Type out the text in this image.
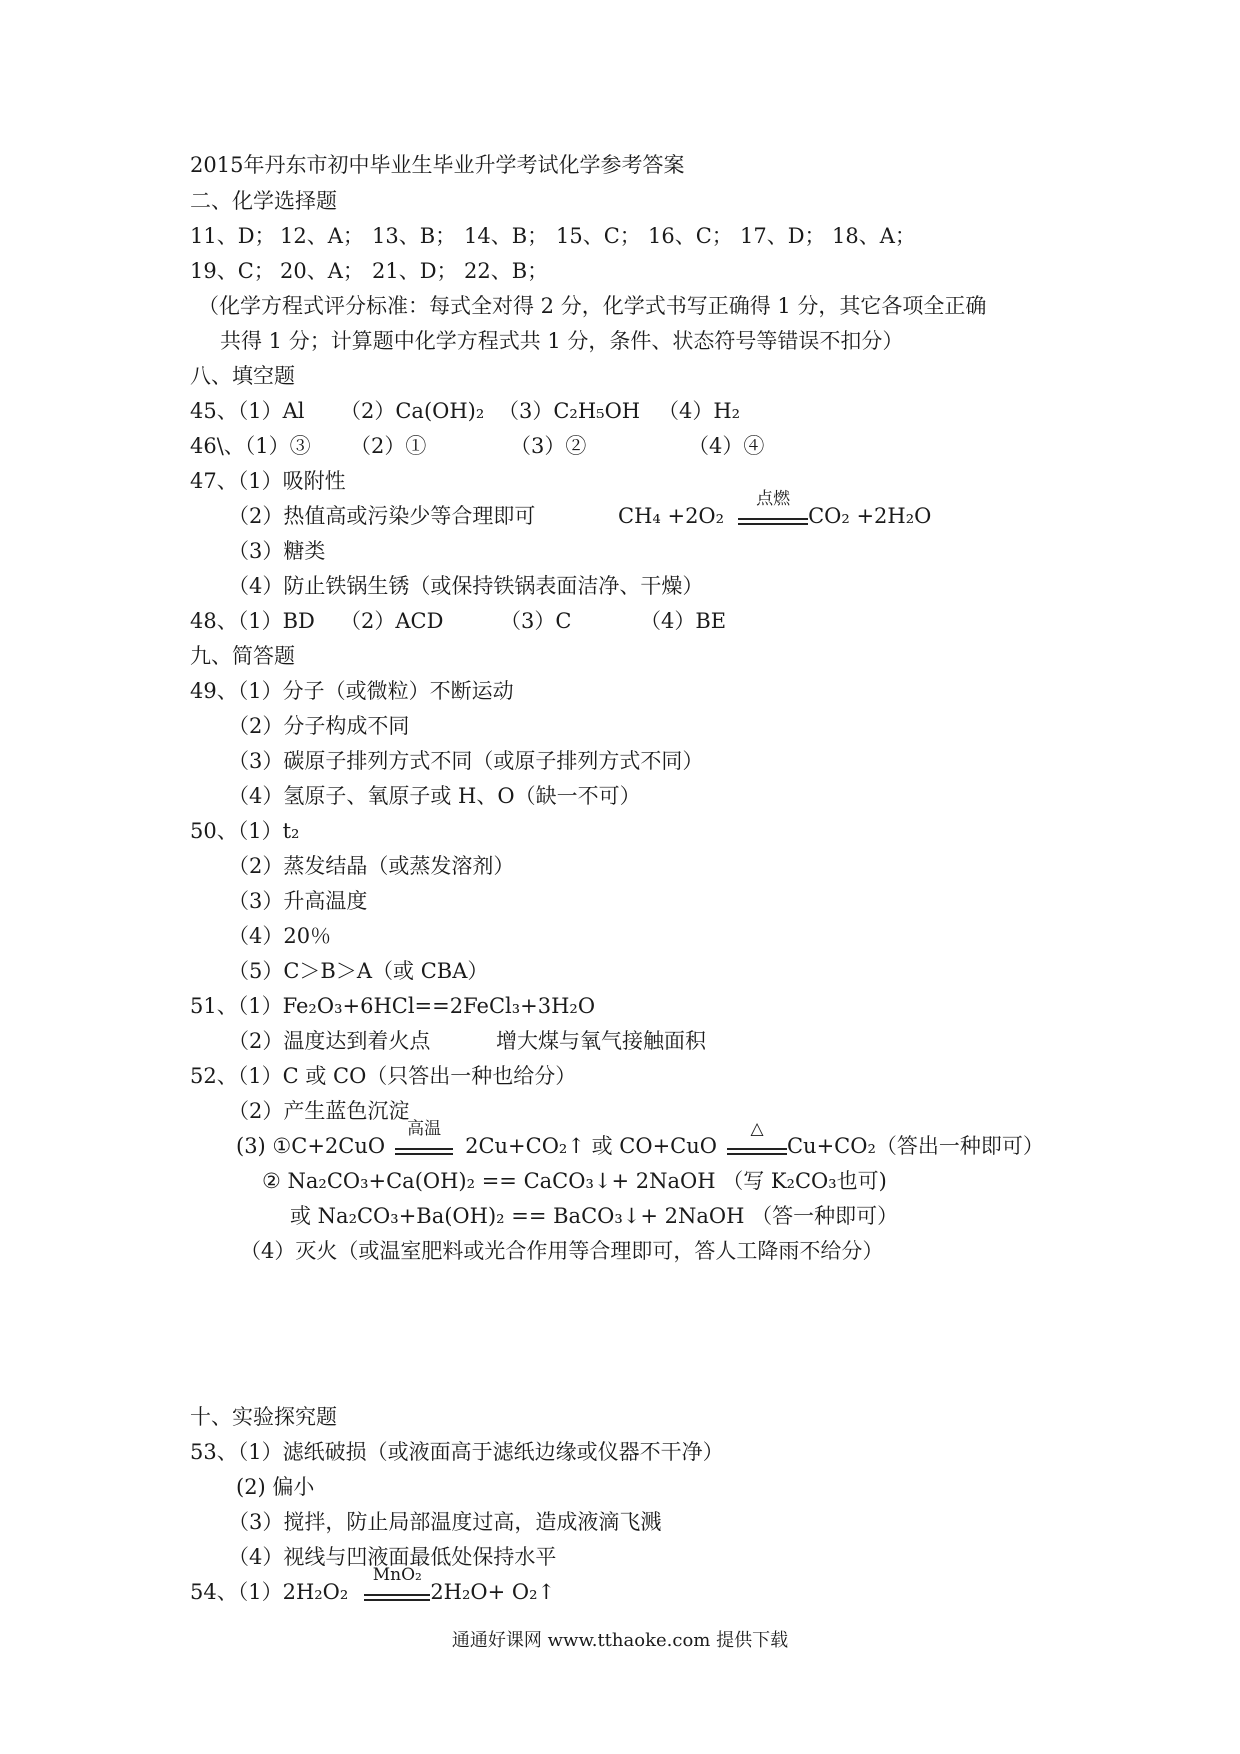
2015年丹东市初中毕业生毕业升学考试化学参考答案
二、化学选择题
11、D； 12、A； 13、B； 14、B； 15、C； 16、C； 17、D； 18、A；
19、C； 20、A； 21、D； 22、B；
（化学方程式评分标准：每式全对得 2 分，化学式书写正确得 1 分，其它各项全正确
共得 1 分；计算题中化学方程式共 1 分，条件、状态符号等错误不扣分）
八、填空题
45、（1）Al （2）Ca(OH)₂ （3）C₂H₅OH （4）H₂
46\、（1）③ （2）①	（3）②	（4）④
47、（1）吸附性
（2）热值高或污染少等合理即可	CH₄ +2O₂
点燃
CO₂ +2H₂O
（3）糖类
（4）防止铁锅生锈（或保持铁锅表面洁净、干燥）
48、（1）BD （2）ACD	（3）C	（4）BE
九、简答题
49、（1）分子（或微粒）不断运动
（2）分子构成不同
（3）碳原子排列方式不同（或原子排列方式不同）
（4）氢原子、氧原子或 H、O（缺一不可）
50、（1）t₂
（2）蒸发结晶（或蒸发溶剂）
（3）升高温度
（4）20％
（5）C＞B＞A（或 CBA）
51、（1）Fe₂O₃+6HCl==2FeCl₃+3H₂O
（2）温度达到着火点	增大煤与氧气接触面积
52、（1）C 或 CO（只答出一种也给分）
（2）产生蓝色沉淀
(3) ①C+2CuO
高温
2Cu+CO₂↑ 或 CO+CuO
△
Cu+CO₂（答出一种即可）
② Na₂CO₃+Ca(OH)₂ == CaCO₃↓+ 2NaOH （写 K₂CO₃也可)
或 Na₂CO₃+Ba(OH)₂ == BaCO₃↓+ 2NaOH （答一种即可）
（4）灭火（或温室肥料或光合作用等合理即可，答人工降雨不给分）
十、实验探究题
53、（1）滤纸破损（或液面高于滤纸边缘或仪器不干净）
(2) 偏小
（3）搅拌，防止局部温度过高，造成液滴飞溅
（4）视线与凹液面最低处保持水平
54、（1）2H₂O₂
MnO₂
2H₂O+ O₂↑
通通好课网 www.tthaoke.com 提供下载
